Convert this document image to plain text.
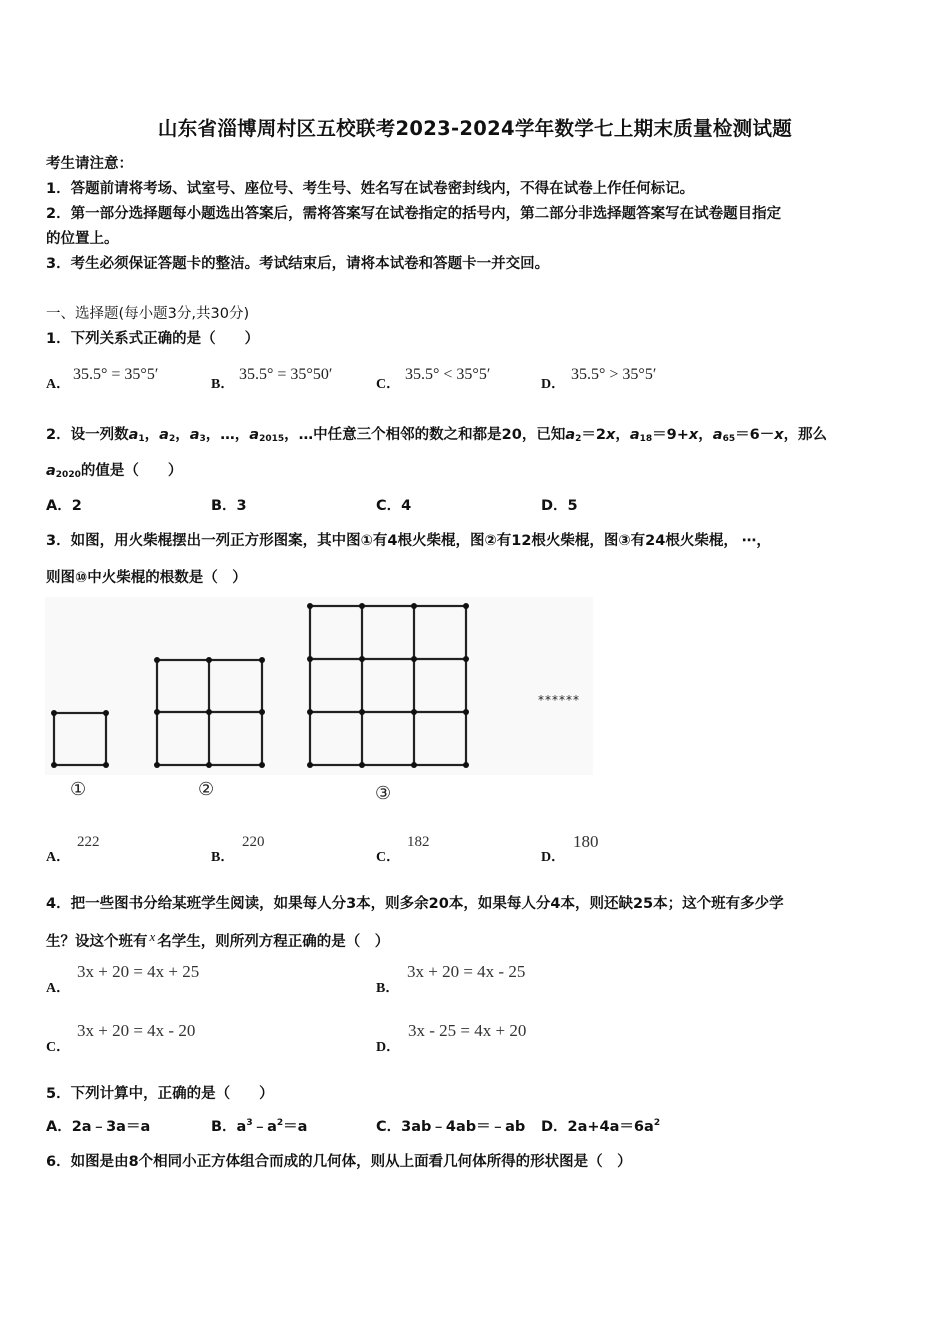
山东省淄博周村区五校联考2023-2024学年数学七上期末质量检测试题
考生请注意：
1．答题前请将考场、试室号、座位号、考生号、姓名写在试卷密封线内，不得在试卷上作任何标记。
2．第一部分选择题每小题选出答案后，需将答案写在试卷指定的括号内，第二部分非选择题答案写在试卷题目指定
的位置上。
3．考生必须保证答题卡的整洁。考试结束后，请将本试卷和答题卡一并交回。
一、选择题(每小题3分,共30分)
1．下列关系式正确的是（　　）
A．
35.5° = 35°5′
B．
35.5° = 35°50′
C．
35.5° < 35°5′
D．
35.5° > 35°5′
2．设一列数$a_1$，$a_2$，$a_3$，…，$a_{2015}$，…中任意三个相邻的数之和都是20，已知$a_2=2x$，$a_{18}=9+x$，$a_{65}=6-x$，那么
$a_{2020}$的值是（　　）
A．2	B．3	C．4	D．5
3．如图，用火柴棍摆出一列正方形图案，其中图①有4根火柴棍，图②有12根火柴棍，图③有24根火柴棍， ⋯，
则图⑩中火柴棍的根数是（　）
①	②	③
******
A．
222
B．
220
C．
182
D．
180
4．把一些图书分给某班学生阅读，如果每人分3本，则多余20本，如果每人分4本，则还缺25本；这个班有多少学
生？设这个班有 x 名学生，则所列方程正确的是（　）
A．
3x + 20 = 4x + 25
B．
3x + 20 = 4x - 25
C．
3x + 20 = 4x - 20
D．
3x - 25 = 4x + 20
5．下列计算中，正确的是（　　）
A．2a﹣3a＝a	B．$a^3﹣a^2=a$	C．3ab﹣4ab＝﹣ab D．$2a+4a=6a^2$
6．如图是由8个相同小正方体组合而成的几何体，则从上面看几何体所得的形状图是（　）
